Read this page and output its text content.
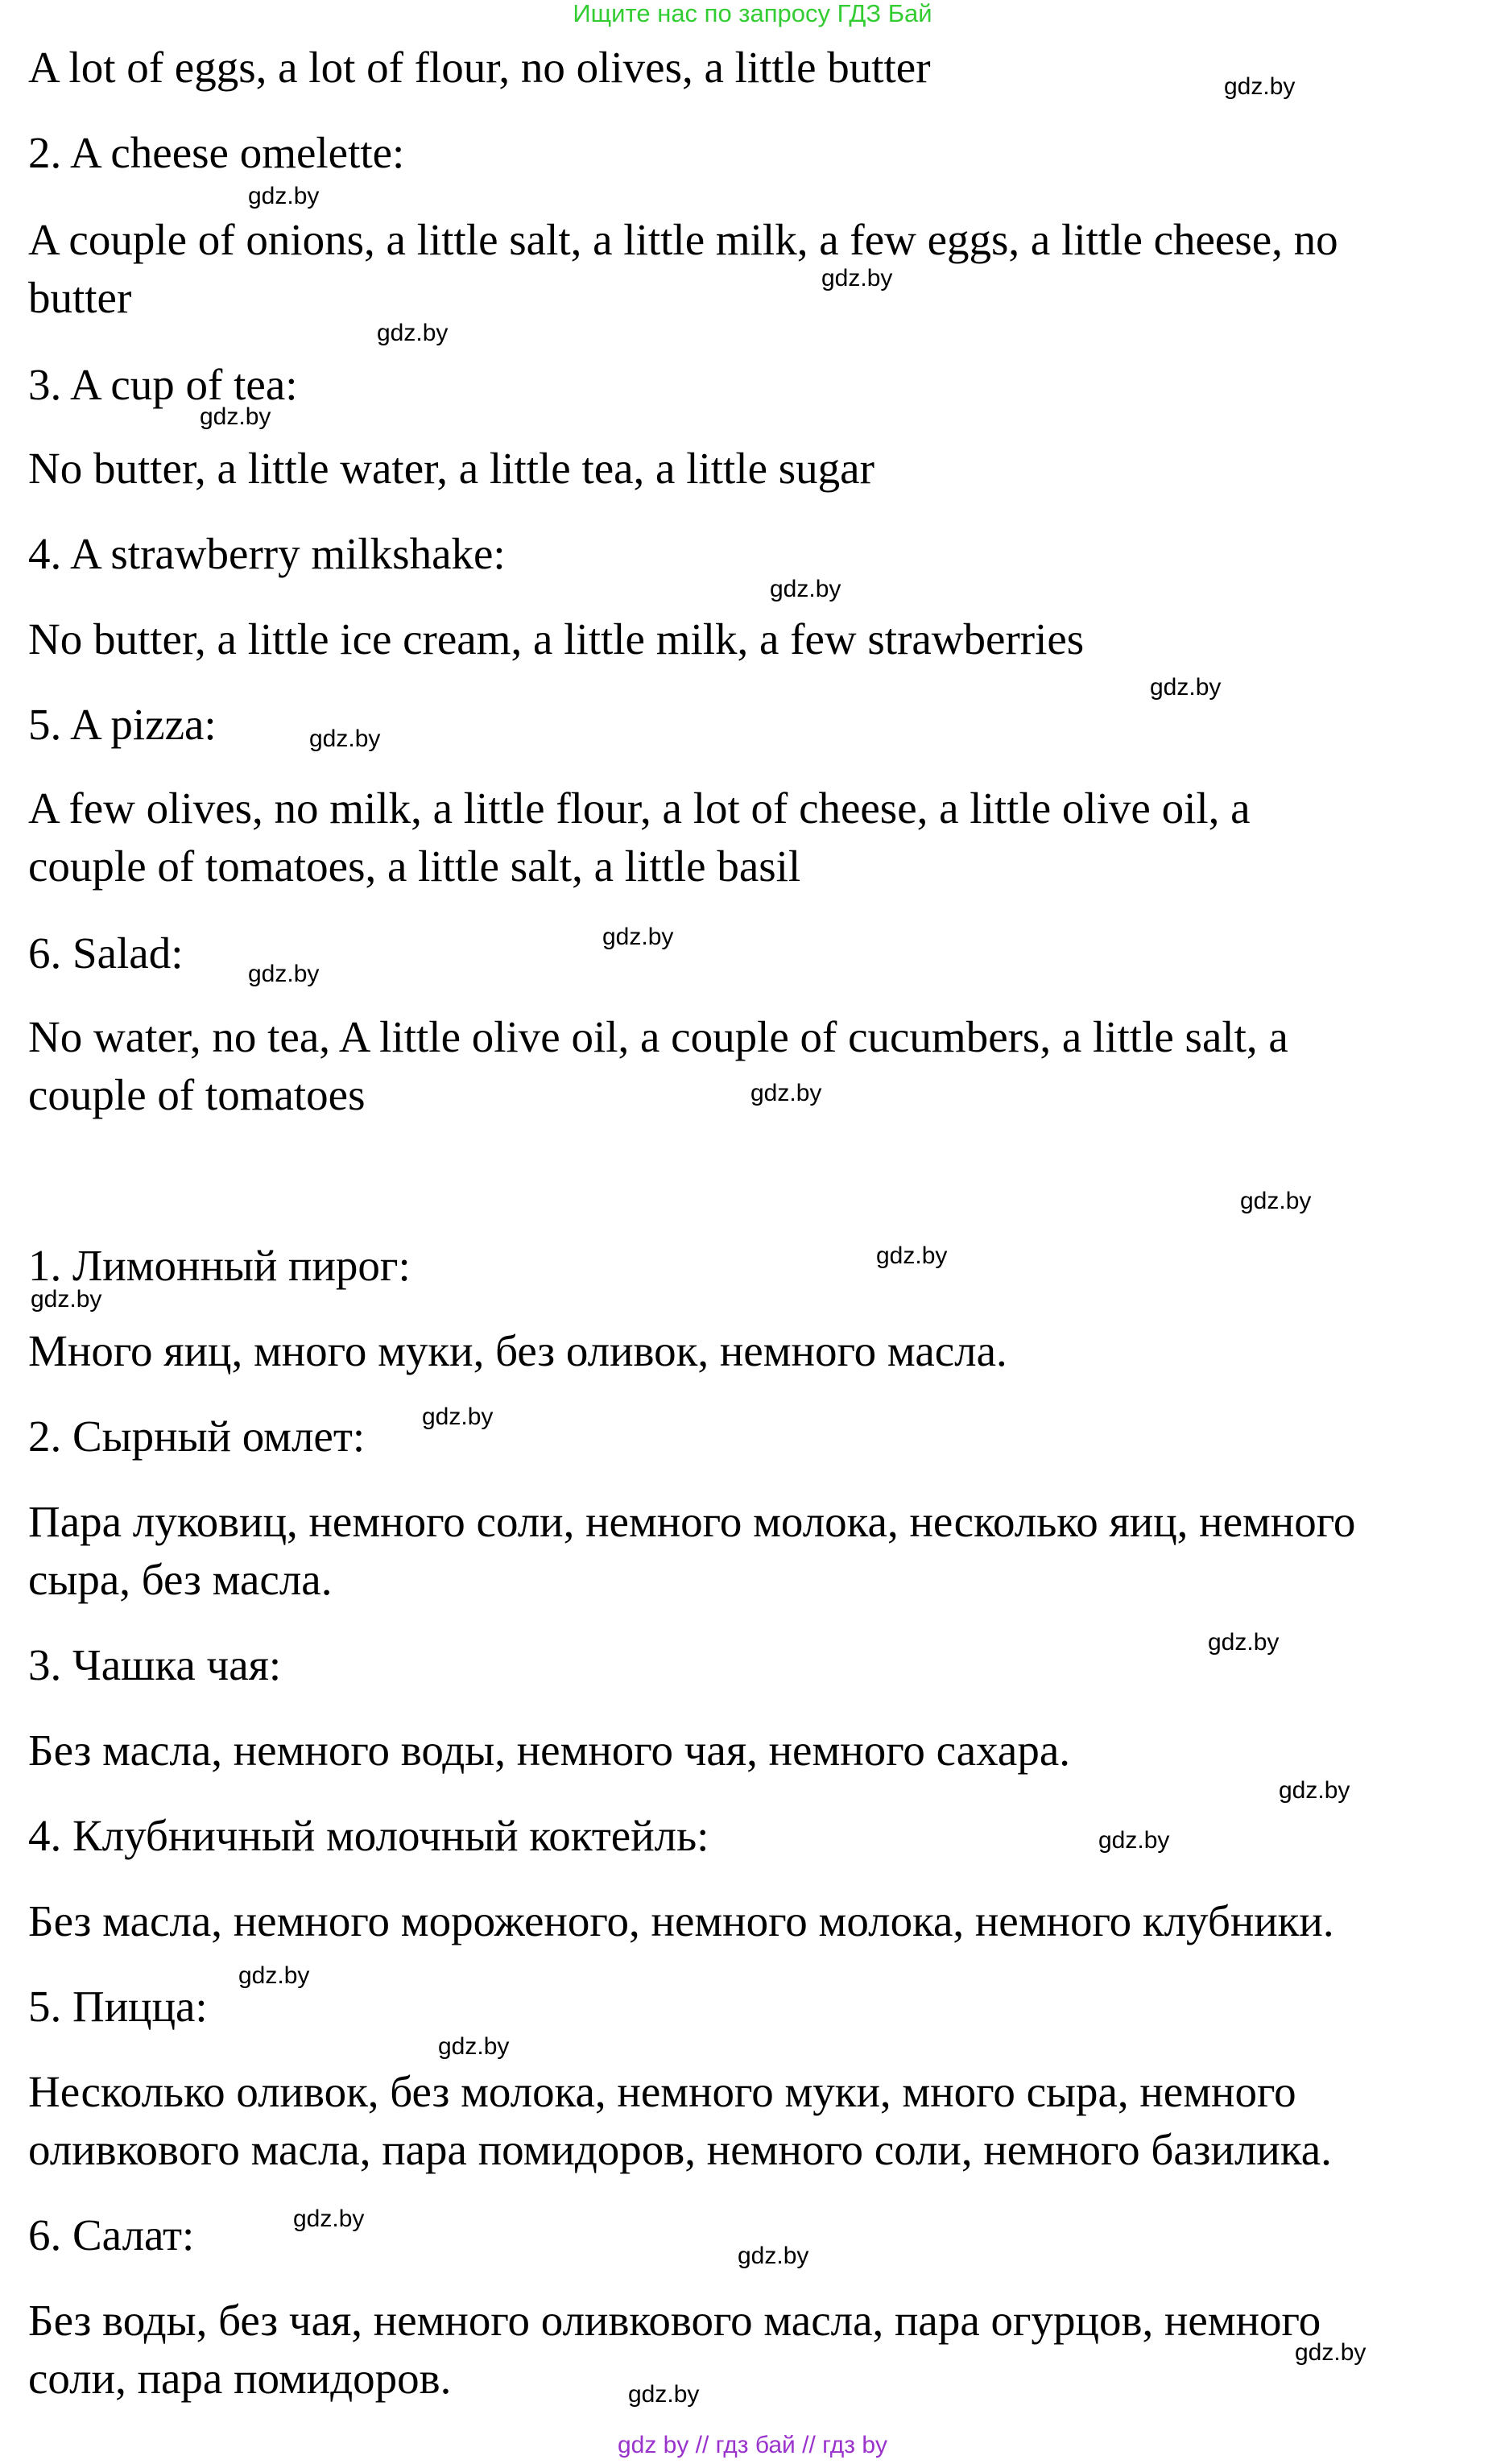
Ищите нас по запросу ГДЗ Бай
A lot of eggs, a lot of flour, no olives, a little butter
2. A cheese omelette:
A couple of onions, a little salt, a little milk, a few eggs, a little cheese, no
butter
3. A cup of tea:
No butter, a little water, a little tea, a little sugar
4. A strawberry milkshake:
No butter, a little ice cream, a little milk, a few strawberries
5. A pizza:
A few olives, no milk, a little flour, a lot of cheese, a little olive oil, a
couple of tomatoes, a little salt, a little basil
6. Salad:
No water, no tea, A little olive oil, a couple of cucumbers, a little salt, a
couple of tomatoes
1. Лимонный пирог:
Много яиц, много муки, без оливок, немного масла.
2. Сырный омлет:
Пара луковиц, немного соли, немного молока, несколько яиц, немного
сыра, без масла.
3. Чашка чая:
Без масла, немного воды, немного чая, немного сахара.
4. Клубничный молочный коктейль:
Без масла, немного мороженого, немного молока, немного клубники.
5. Пицца:
Несколько оливок, без молока, немного муки, много сыра, немного
оливкового масла, пара помидоров, немного соли, немного базилика.
6. Салат:
Без воды, без чая, немного оливкового масла, пара огурцов, немного
соли, пара помидоров.
gdz.by
gdz.by
gdz.by
gdz.by
gdz.by
gdz.by
gdz.by
gdz.by
gdz.by
gdz.by
gdz.by
gdz.by
gdz.by
gdz.by
gdz.by
gdz.by
gdz.by
gdz.by
gdz.by
gdz.by
gdz.by
gdz.by
gdz.by
gdz.by
gdz by // гдз бай // гдз by
